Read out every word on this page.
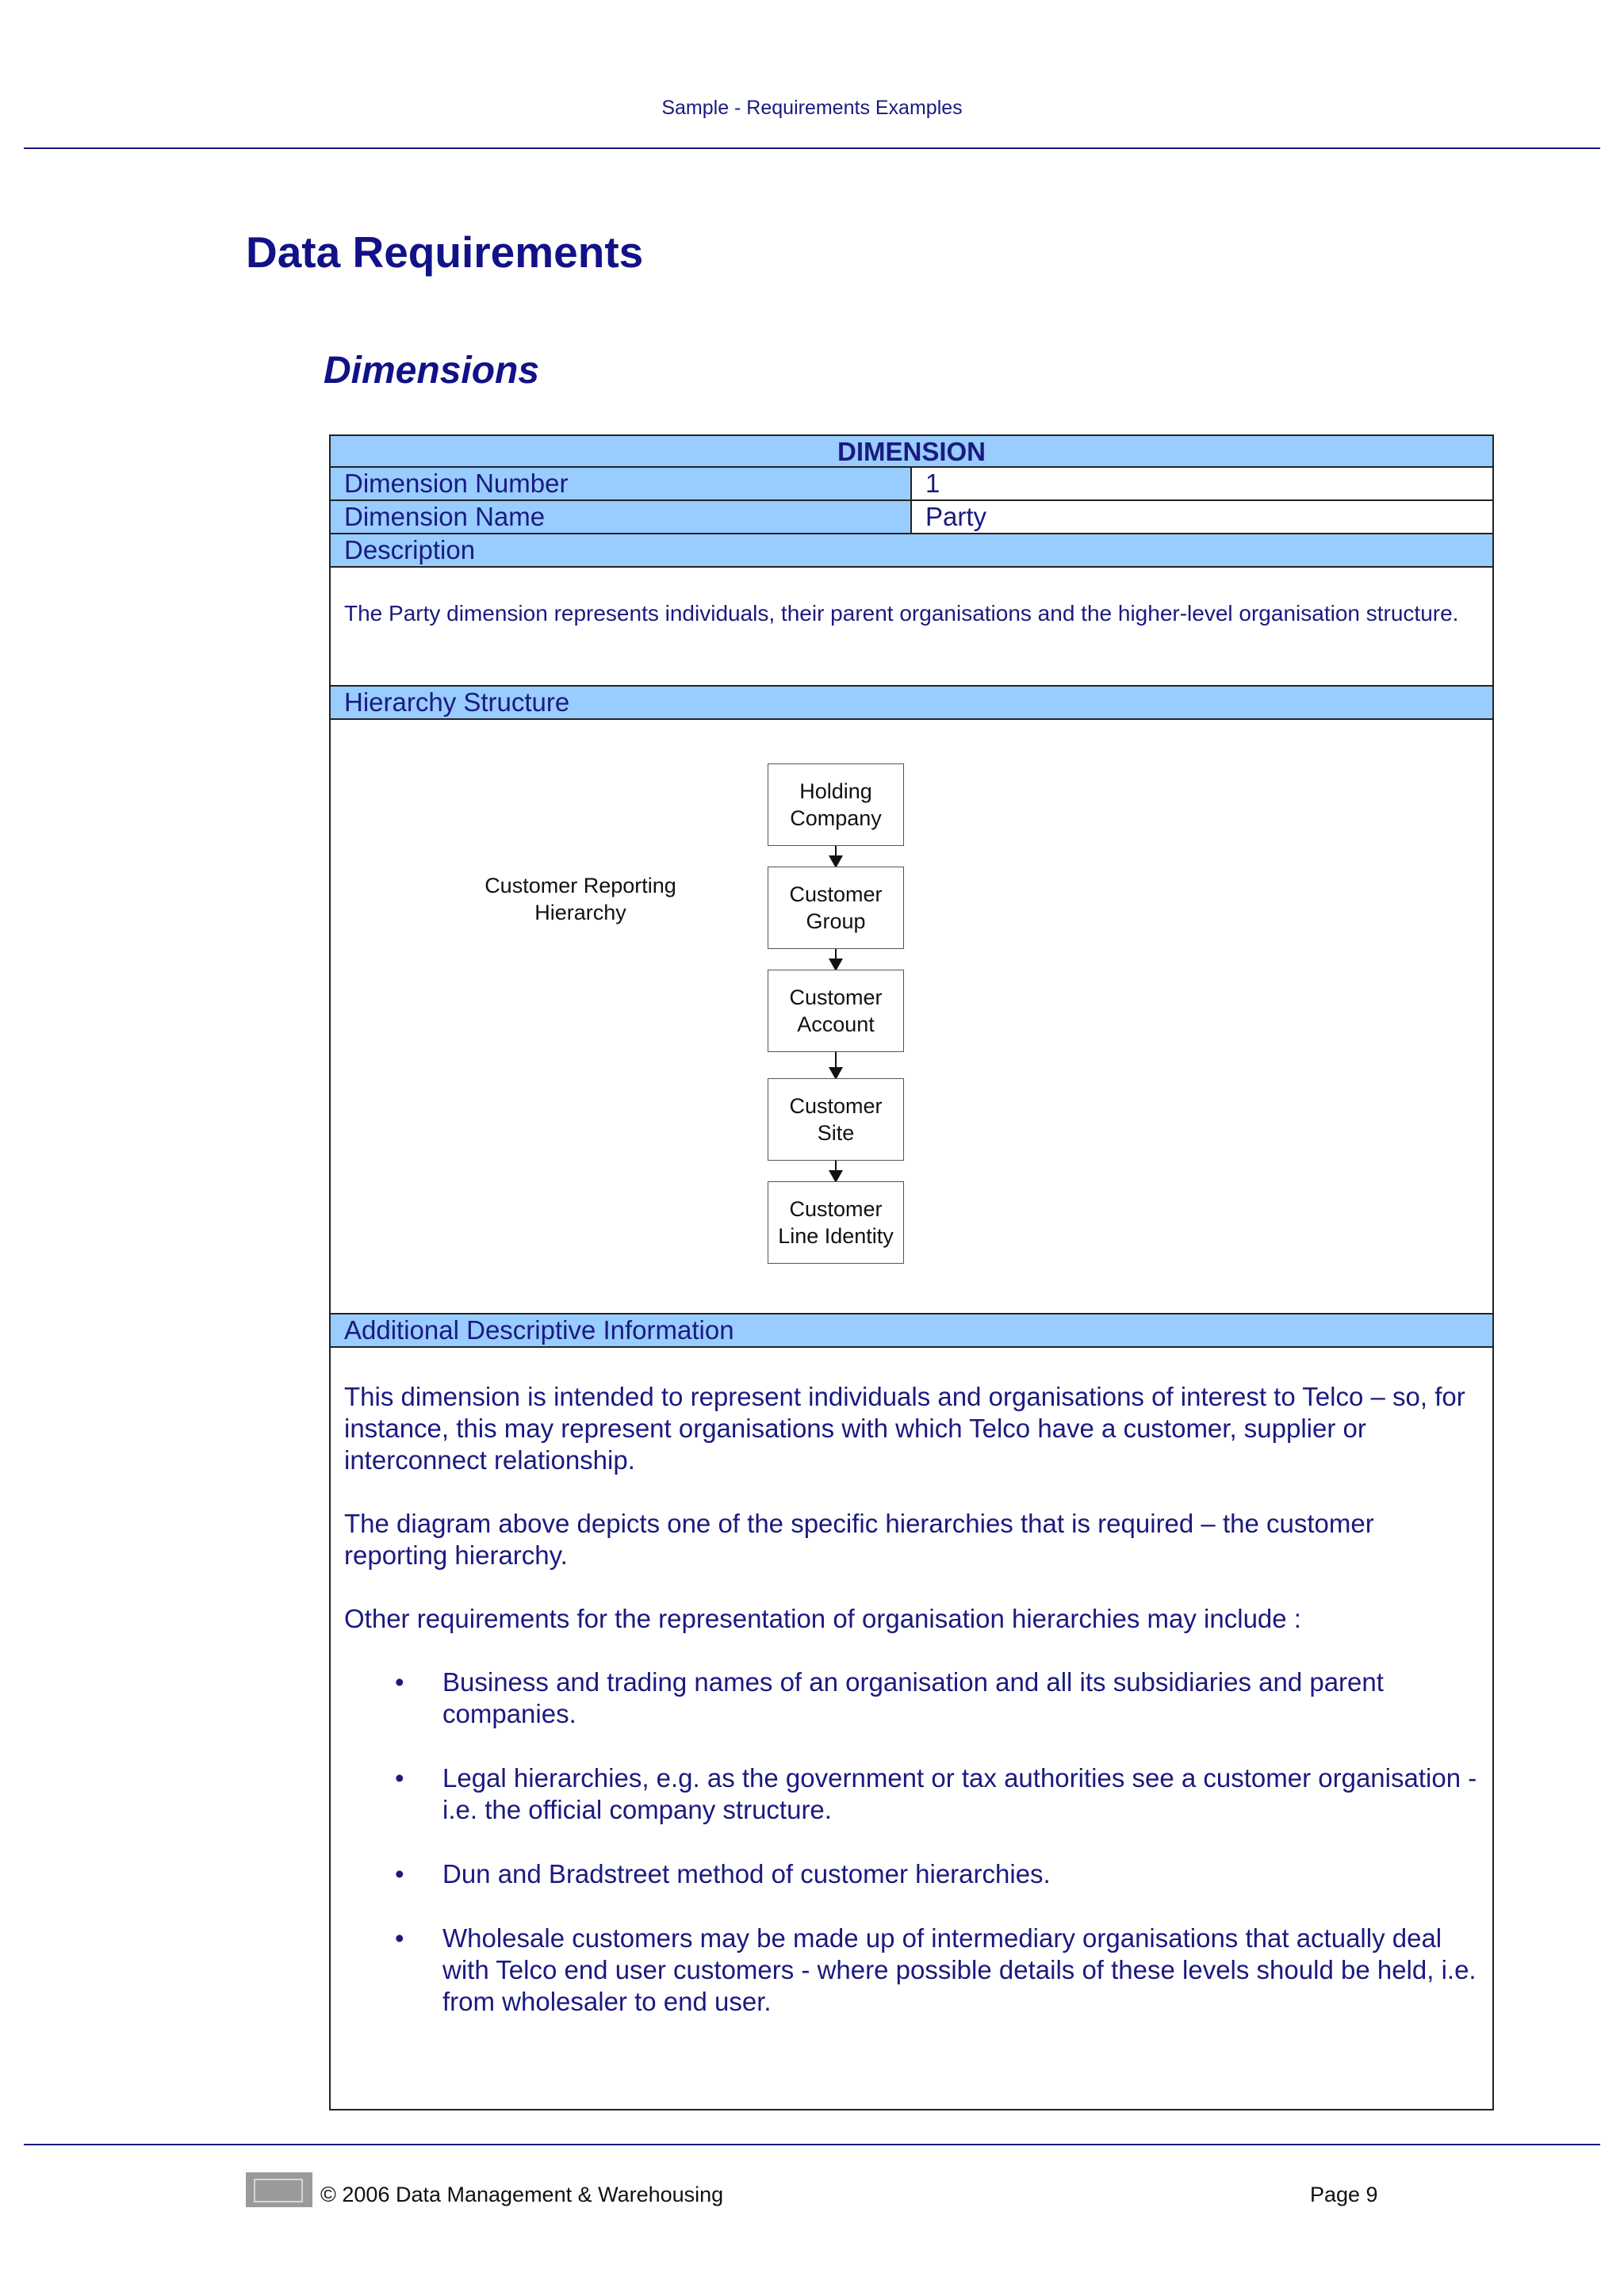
Sample - Requirements Examples
Data Requirements
Dimensions
DIMENSION
Dimension Number	1
Dimension Name	Party
Description
The Party dimension represents individuals, their parent organisations and the higher-level organisation structure.
Hierarchy Structure
Customer Reporting Hierarchy
Holding Company
Customer Group
Customer Account
Customer Site
Customer Line Identity
Additional Descriptive Information

This dimension is intended to represent individuals and organisations of interest to Telco – so, for instance, this may represent organisations with which Telco have a customer, supplier or interconnect relationship.

The diagram above depicts one of the specific hierarchies that is required – the customer reporting hierarchy.

Other requirements for the representation of organisation hierarchies may include :

• Business and trading names of an organisation and all its subsidiaries and parent companies.
• Legal hierarchies, e.g. as the government or tax authorities see a customer organisation - i.e. the official company structure.
• Dun and Bradstreet method of customer hierarchies.
• Wholesale customers may be made up of intermediary organisations that actually deal with Telco end user customers - where possible details of these levels should be held, i.e. from wholesaler to end user.
© 2006 Data Management & Warehousing	Page 9
